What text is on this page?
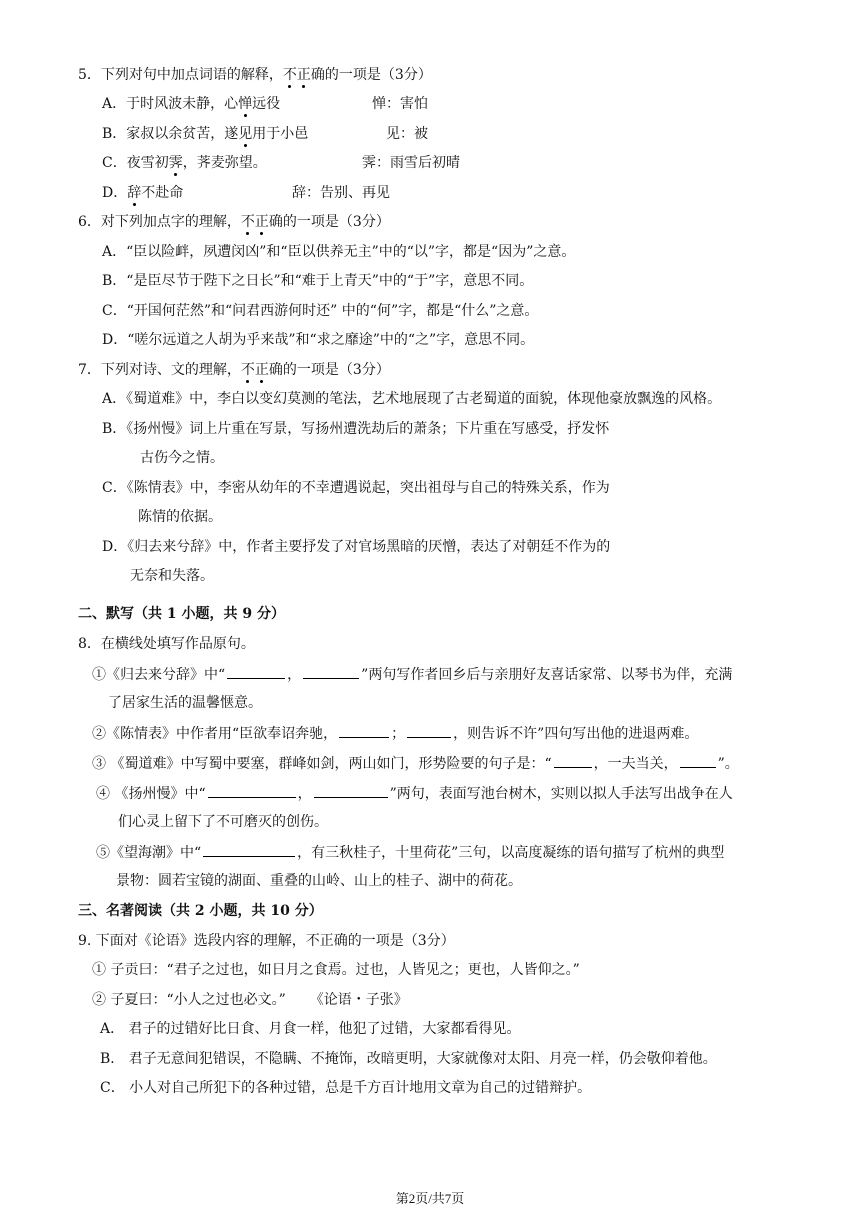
5．下列对句中加点词语的解释，不正确的一项是（3分）
A．于时风波未静，心惮远役	惮：害怕
B．家叔以余贫苦，遂见用于小邑	见：被
C．夜雪初霁，荠麦弥望。	霁：雨雪后初晴
D．辞不赴命	辞：告别、再见
6．对下列加点字的理解，不正确的一项是（3分）
A．“臣以险衅，夙遭闵凶”和“臣以供养无主”中的“以”字，都是“因为”之意。
B．“是臣尽节于陛下之日长”和“难于上青天”中的“于”字，意思不同。
C．“开国何茫然”和“问君西游何时还” 中的“何”字，都是“什么”之意。
D．“嗟尔远道之人胡为乎来哉”和“求之靡途”中的“之”字，意思不同。
7．下列对诗、文的理解，不正确的一项是（3分）
A．《蜀道难》中，李白以变幻莫测的笔法，艺术地展现了古老蜀道的面貌，体现他豪放飘逸的风格。
B．《扬州慢》词上片重在写景，写扬州遭洗劫后的萧条；下片重在写感受，抒发怀
古伤今之情。
C．《陈情表》中，李密从幼年的不幸遭遇说起，突出祖母与自己的特殊关系，作为
陈情的依据。
D．《归去来兮辞》中，作者主要抒发了对官场黑暗的厌憎，表达了对朝廷不作为的
无奈和失落。
二、默写（共 1 小题，共 9 分）
8．在横线处填写作品原句。
①《归去来兮辞》中“	，	”两句写作者回乡后与亲朋好友喜话家常、以琴书为伴，充满
了居家生活的温馨惬意。
②《陈情表》中作者用“臣欲奉诏奔驰，	；	，则告诉不许”四句写出他的进退两难。
③ 《蜀道难》中写蜀中要塞，群峰如剑，两山如门，形势险要的句子是：“	，一夫当关，	”。
④ 《扬州慢》中“	，	”两句，表面写池台树木，实则以拟人手法写出战争在人
们心灵上留下了不可磨灭的创伤。
⑤《望海潮》中“	，有三秋桂子，十里荷花”三句，以高度凝练的语句描写了杭州的典型
景物：圆若宝镜的湖面、重叠的山岭、山上的桂子、湖中的荷花。
三、名著阅读（共 2 小题，共 10 分）
9. 下面对《论语》选段内容的理解，不正确的一项是（3分）
① 子贡曰：“君子之过也，如日月之食焉。过也，人皆见之；更也，人皆仰之。”
② 子夏曰：“小人之过也必文。” 《论语・子张》
A． 君子的过错好比日食、月食一样，他犯了过错，大家都看得见。
B． 君子无意间犯错误，不隐瞒、不掩饰，改暗更明，大家就像对太阳、月亮一样，仍会敬仰着他。
C． 小人对自己所犯下的各种过错，总是千方百计地用文章为自己的过错辩护。
第2页/共7页
